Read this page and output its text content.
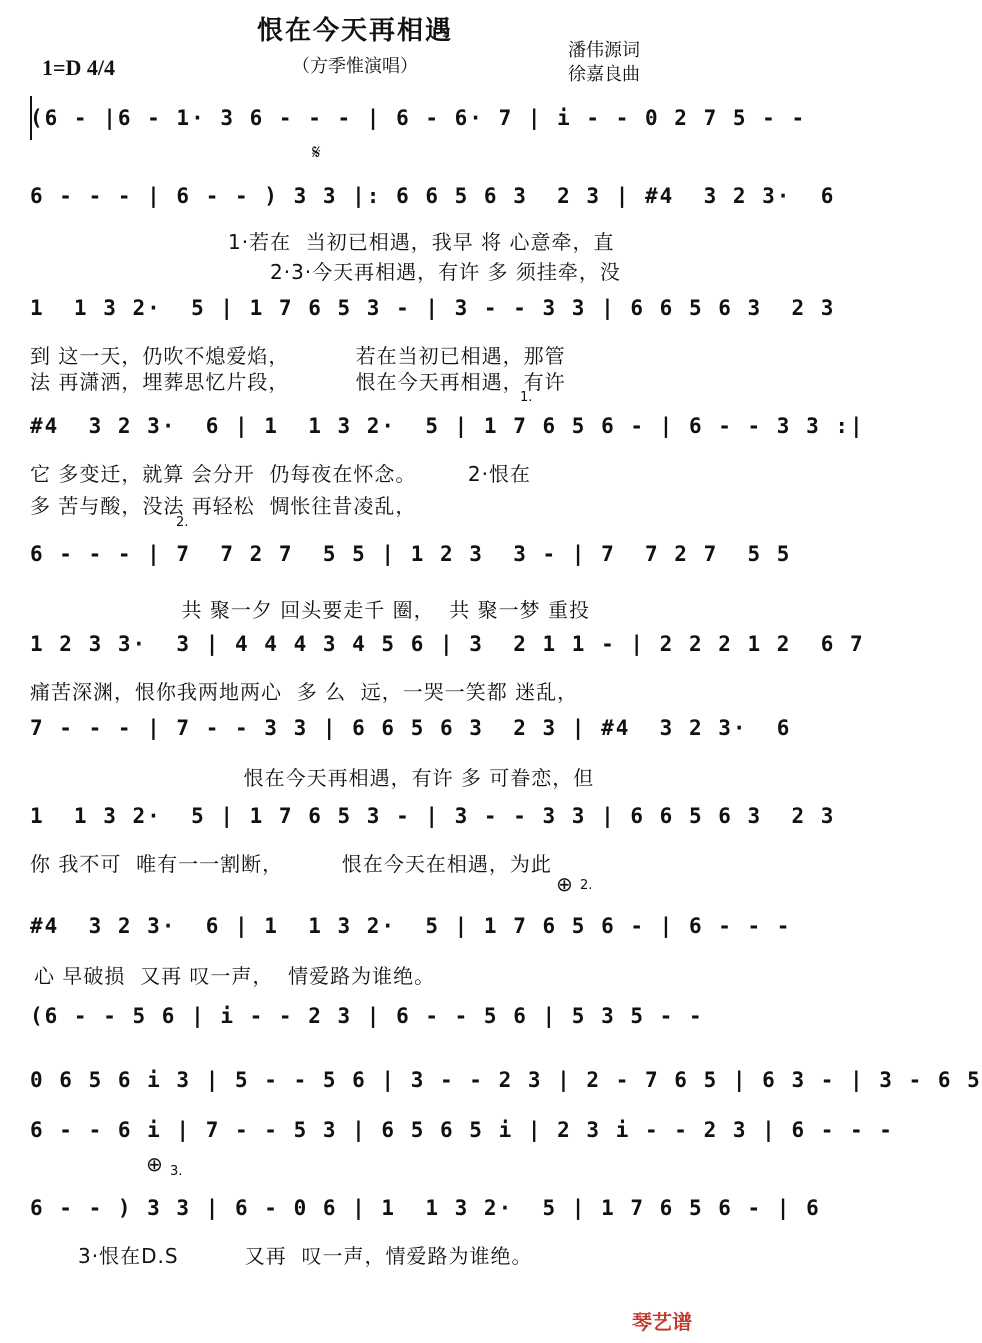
恨在今天再相遇
1=D 4/4	（方季惟演唱）
潘伟源词
徐嘉良曲
(6 - |6 - 1· 3 6 - - - | 6 - 6· 7 | i - - 0 2 7 5 - -
𝄋
6 - - - | 6 - - ) 3 3 |: 6 6 5 6 3  2 3 | #4  3 2 3·  6
1·若在  当初已相遇，我早 将 心意牵，直
2·3·今天再相遇，有许 多 须挂牵，没
1  1 3 2·  5 | 1 7 6 5 3 - | 3 - - 3 3 | 6 6 5 6 3  2 3
到 这一天，仍吹不熄爱焰，         若在当初已相遇，那管
法 再潇洒，埋葬思忆片段，         恨在今天再相遇，有许
1.
#4  3 2 3·  6 | 1  1 3 2·  5 | 1 7 6 5 6 - | 6 - - 3 3 :|
它 多变迁，就算 会分开  仍每夜在怀念。       2·恨在
多 苦与酸，没法 再轻松  惆怅往昔凌乱，
2.
6 - - - | 7  7 2 7  5 5 | 1 2 3  3 - | 7  7 2 7  5 5
共 聚一夕 回头要走千 圈，  共 聚一梦 重投
1 2 3 3·  3 | 4 4 4 3 4 5 6 | 3  2 1 1 - | 2 2 2 1 2  6 7
痛苦深渊，恨你我两地两心  多 么  远，一哭一笑都 迷乱，
7 - - - | 7 - - 3 3 | 6 6 5 6 3  2 3 | #4  3 2 3·  6
恨在今天再相遇，有许 多 可眷恋，但
1  1 3 2·  5 | 1 7 6 5 3 - | 3 - - 3 3 | 6 6 5 6 3  2 3
你 我不可  唯有一一割断，        恨在今天在相遇，为此
⊕ 2.
#4  3 2 3·  6 | 1  1 3 2·  5 | 1 7 6 5 6 - | 6 - - -
心 早破损  又再 叹一声，  情爱路为谁绝。
(6 - - 5 6 | i - - 2 3 | 6 - - 5 6 | 5 3 5 - -
0 6 5 6 i 3 | 5 - - 5 6 | 3 - - 2 3 | 2 - 7 6 5 | 6 3 - | 3 - 6 5
6 - - 6 i | 7 - - 5 3 | 6 5 6 5 i | 2 3 i - - 2 3 | 6 - - -
⊕ 3.
6 - - ) 3 3 | 6 - 0 6 | 1  1 3 2·  5 | 1 7 6 5 6 - | 6
3·恨在D.S         又再  叹一声，情爱路为谁绝。
琴艺谱
